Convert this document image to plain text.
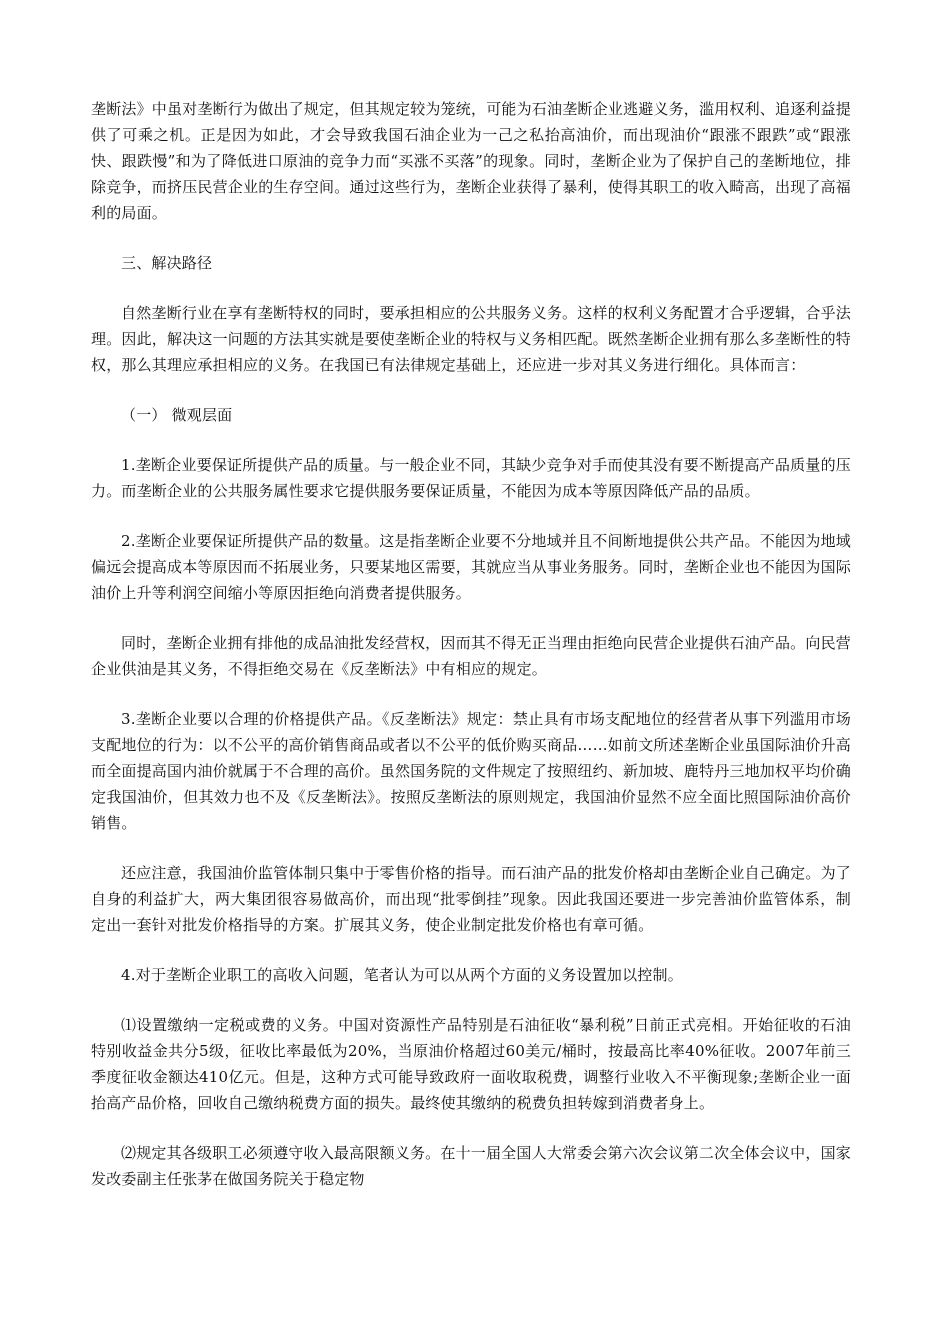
垄断法》中虽对垄断行为做出了规定，但其规定较为笼统，可能为石油垄断企业逃避义务，滥用权利、追逐利益提供了可乘之机。正是因为如此，才会导致我国石油企业为一己之私抬高油价，而出现油价“跟涨不跟跌”或“跟涨快、跟跌慢”和为了降低进口原油的竞争力而“买涨不买落”的现象。同时，垄断企业为了保护自己的垄断地位，排除竞争，而挤压民营企业的生存空间。通过这些行为，垄断企业获得了暴利，使得其职工的收入畸高，出现了高福利的局面。

三、解决路径

自然垄断行业在享有垄断特权的同时，要承担相应的公共服务义务。这样的权利义务配置才合乎逻辑，合乎法理。因此，解决这一问题的方法其实就是要使垄断企业的特权与义务相匹配。既然垄断企业拥有那么多垄断性的特权，那么其理应承担相应的义务。在我国已有法律规定基础上，还应进一步对其义务进行细化。具体而言：

（一） 微观层面

1.垄断企业要保证所提供产品的质量。与一般企业不同，其缺少竞争对手而使其没有要不断提高产品质量的压力。而垄断企业的公共服务属性要求它提供服务要保证质量，不能因为成本等原因降低产品的品质。

2.垄断企业要保证所提供产品的数量。这是指垄断企业要不分地域并且不间断地提供公共产品。不能因为地域偏远会提高成本等原因而不拓展业务，只要某地区需要，其就应当从事业务服务。同时，垄断企业也不能因为国际油价上升等利润空间缩小等原因拒绝向消费者提供服务。

同时，垄断企业拥有排他的成品油批发经营权，因而其不得无正当理由拒绝向民营企业提供石油产品。向民营企业供油是其义务，不得拒绝交易在《反垄断法》中有相应的规定。

3.垄断企业要以合理的价格提供产品。《反垄断法》规定：禁止具有市场支配地位的经营者从事下列滥用市场支配地位的行为：以不公平的高价销售商品或者以不公平的低价购买商品……如前文所述垄断企业虽国际油价升高而全面提高国内油价就属于不合理的高价。虽然国务院的文件规定了按照纽约、新加坡、鹿特丹三地加权平均价确定我国油价，但其效力也不及《反垄断法》。按照反垄断法的原则规定，我国油价显然不应全面比照国际油价高价销售。

还应注意，我国油价监管体制只集中于零售价格的指导。而石油产品的批发价格却由垄断企业自己确定。为了自身的利益扩大，两大集团很容易做高价，而出现“批零倒挂”现象。因此我国还要进一步完善油价监管体系，制定出一套针对批发价格指导的方案。扩展其义务，使企业制定批发价格也有章可循。

4.对于垄断企业职工的高收入问题，笔者认为可以从两个方面的义务设置加以控制。

⑴设置缴纳一定税或费的义务。中国对资源性产品特别是石油征收“暴利税”日前正式亮相。开始征收的石油特别收益金共分5级，征收比率最低为20%，当原油价格超过60美元/桶时，按最高比率40%征收。2007年前三季度征收金额达410亿元。但是，这种方式可能导致政府一面收取税费，调整行业收入不平衡现象;垄断企业一面抬高产品价格，回收自己缴纳税费方面的损失。最终使其缴纳的税费负担转嫁到消费者身上。

⑵规定其各级职工必须遵守收入最高限额义务。在十一届全国人大常委会第六次会议第二次全体会议中，国家发改委副主任张茅在做国务院关于稳定物
